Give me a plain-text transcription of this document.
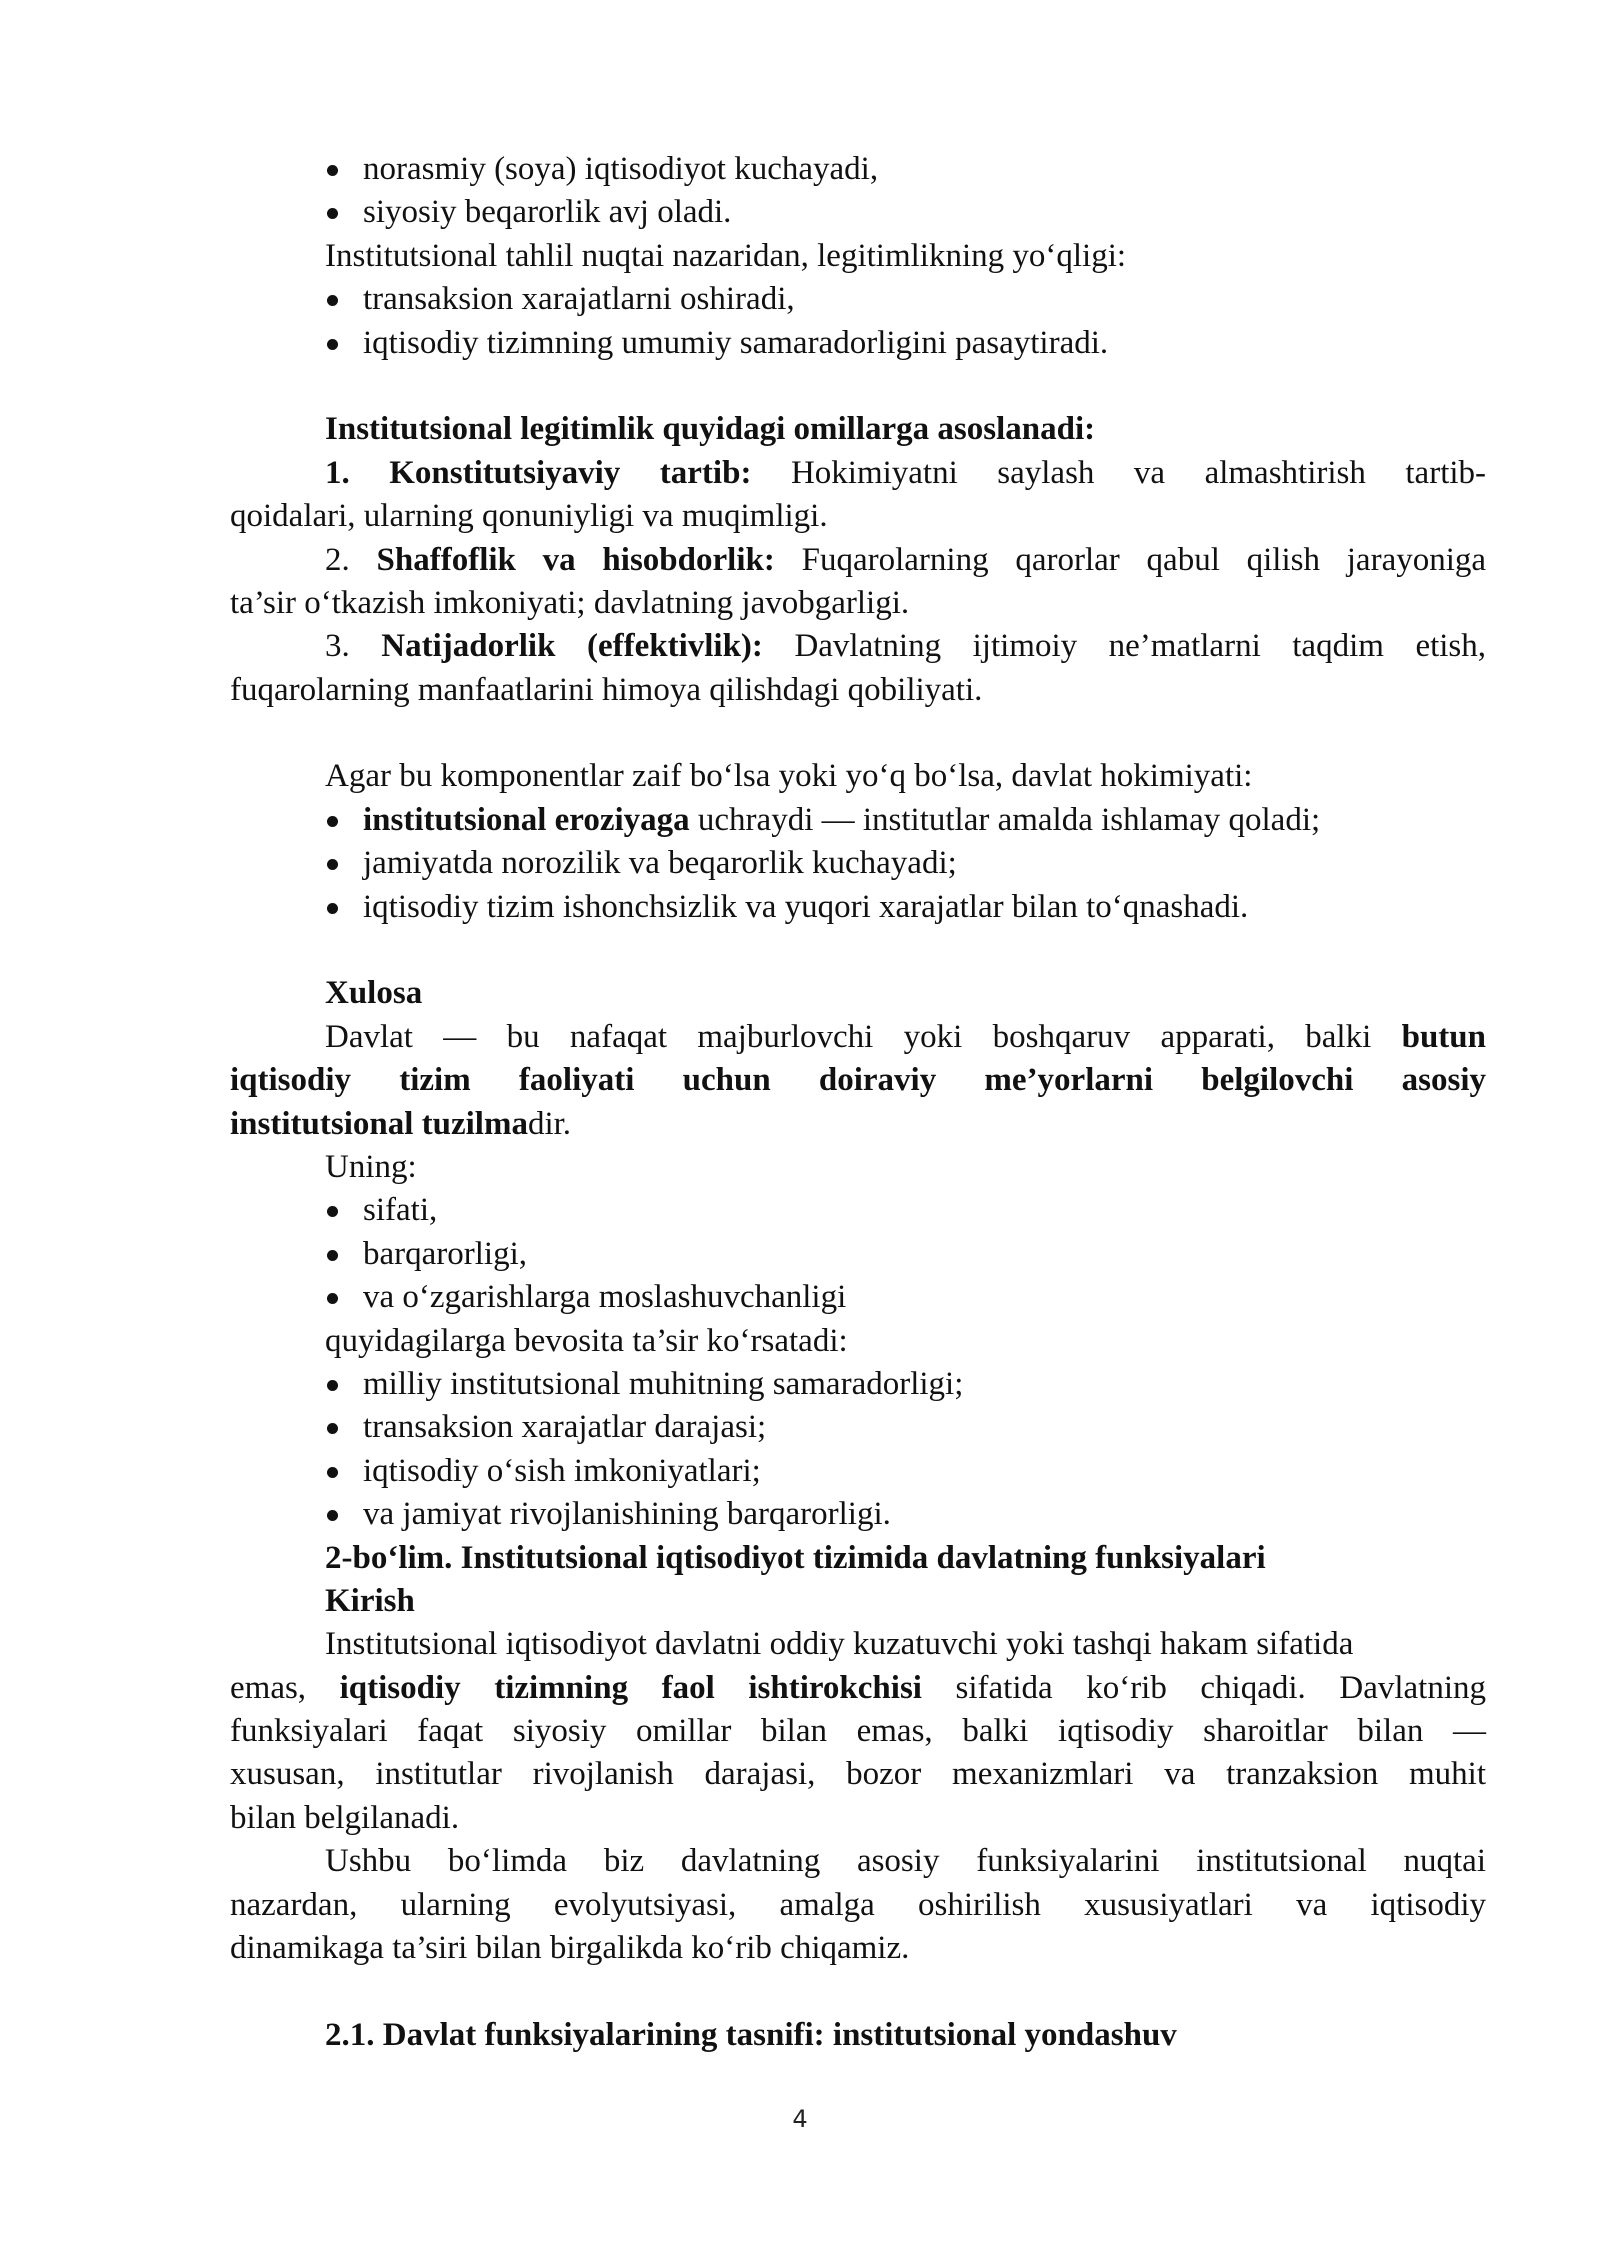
norasmiy (soya) iqtisodiyot kuchayadi,
siyosiy beqarorlik avj oladi.
Institutsional tahlil nuqtai nazaridan, legitimlikning yo‘qligi:
transaksion xarajatlarni oshiradi,
iqtisodiy tizimning umumiy samaradorligini pasaytiradi.
Institutsional legitimlik quyidagi omillarga asoslanadi:
1. Konstitutsiyaviy tartib: Hokimiyatni saylash va almashtirish tartib-
qoidalari, ularning qonuniyligi va muqimligi.
2. Shaffoflik va hisobdorlik: Fuqarolarning qarorlar qabul qilish jarayoniga
ta’sir o‘tkazish imkoniyati; davlatning javobgarligi.
3. Natijadorlik (effektivlik): Davlatning ijtimoiy ne’matlarni taqdim etish,
fuqarolarning manfaatlarini himoya qilishdagi qobiliyati.
Agar bu komponentlar zaif bo‘lsa yoki yo‘q bo‘lsa, davlat hokimiyati:
institutsional eroziyaga uchraydi — institutlar amalda ishlamay qoladi;
jamiyatda norozilik va beqarorlik kuchayadi;
iqtisodiy tizim ishonchsizlik va yuqori xarajatlar bilan to‘qnashadi.
Xulosa
Davlat — bu nafaqat majburlovchi yoki boshqaruv apparati, balki butun
iqtisodiy tizim faoliyati uchun doiraviy me’yorlarni belgilovchi asosiy
institutsional tuzilmadir.
Uning:
sifati,
barqarorligi,
va o‘zgarishlarga moslashuvchanligi
quyidagilarga bevosita ta’sir ko‘rsatadi:
milliy institutsional muhitning samaradorligi;
transaksion xarajatlar darajasi;
iqtisodiy o‘sish imkoniyatlari;
va jamiyat rivojlanishining barqarorligi.
2-bo‘lim. Institutsional iqtisodiyot tizimida davlatning funksiyalari
Kirish
Institutsional iqtisodiyot davlatni oddiy kuzatuvchi yoki tashqi hakam sifatida
emas, iqtisodiy tizimning faol ishtirokchisi sifatida ko‘rib chiqadi. Davlatning
funksiyalari faqat siyosiy omillar bilan emas, balki iqtisodiy sharoitlar bilan —
xususan, institutlar rivojlanish darajasi, bozor mexanizmlari va tranzaksion muhit
bilan belgilanadi.
Ushbu bo‘limda biz davlatning asosiy funksiyalarini institutsional nuqtai
nazardan, ularning evolyutsiyasi, amalga oshirilish xususiyatlari va iqtisodiy
dinamikaga ta’siri bilan birgalikda ko‘rib chiqamiz.
2.1. Davlat funksiyalarining tasnifi: institutsional yondashuv
4
